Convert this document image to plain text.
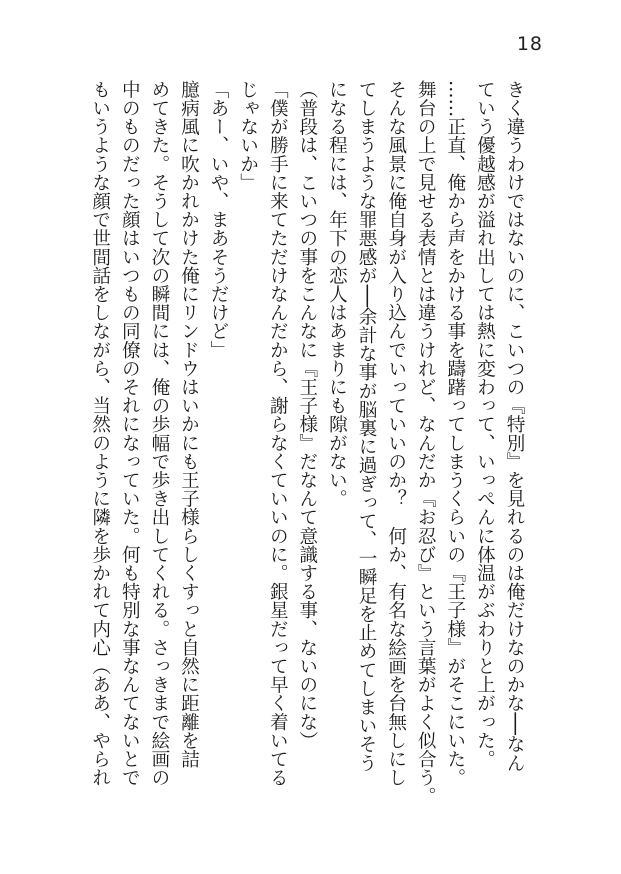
18
きく違うわけではないのに、こいつの『特別』を見れるのは俺だけなのかな──なん
ていう優越感が溢れ出しては熱に変わって、いっぺんに体温がぶわりと上がった。
……正直、俺から声をかける事を躊躇ってしまうくらいの『王子様』がそこにいた。
舞台の上で見せる表情とは違うけれど、なんだか『お忍び』という言葉がよく似合う。
そんな風景に俺自身が入り込んでいっていいのか？　何か、有名な絵画を台無しにし
てしまうような罪悪感が──余計な事が脳裏に過ぎって、一瞬足を止めてしまいそう
になる程には、年下の恋人はあまりにも隙がない。
（普段は、こいつの事をこんなに『王子様』だなんて意識する事、ないのにな）
「僕が勝手に来てただけなんだから、謝らなくていいのに。銀星だって早く着いてる
じゃないか」
「あー、いや、まあそうだけど」
臆病風に吹かれかけた俺にリンドウはいかにも王子様らしくすっと自然に距離を詰
めてきた。そうして次の瞬間には、俺の歩幅で歩き出してくれる。さっきまで絵画の
中のものだった顔はいつもの同僚のそれになっていた。何も特別な事なんてないとで
もいうような顔で世間話をしながら、当然のように隣を歩かれて内心（ああ、やられ
